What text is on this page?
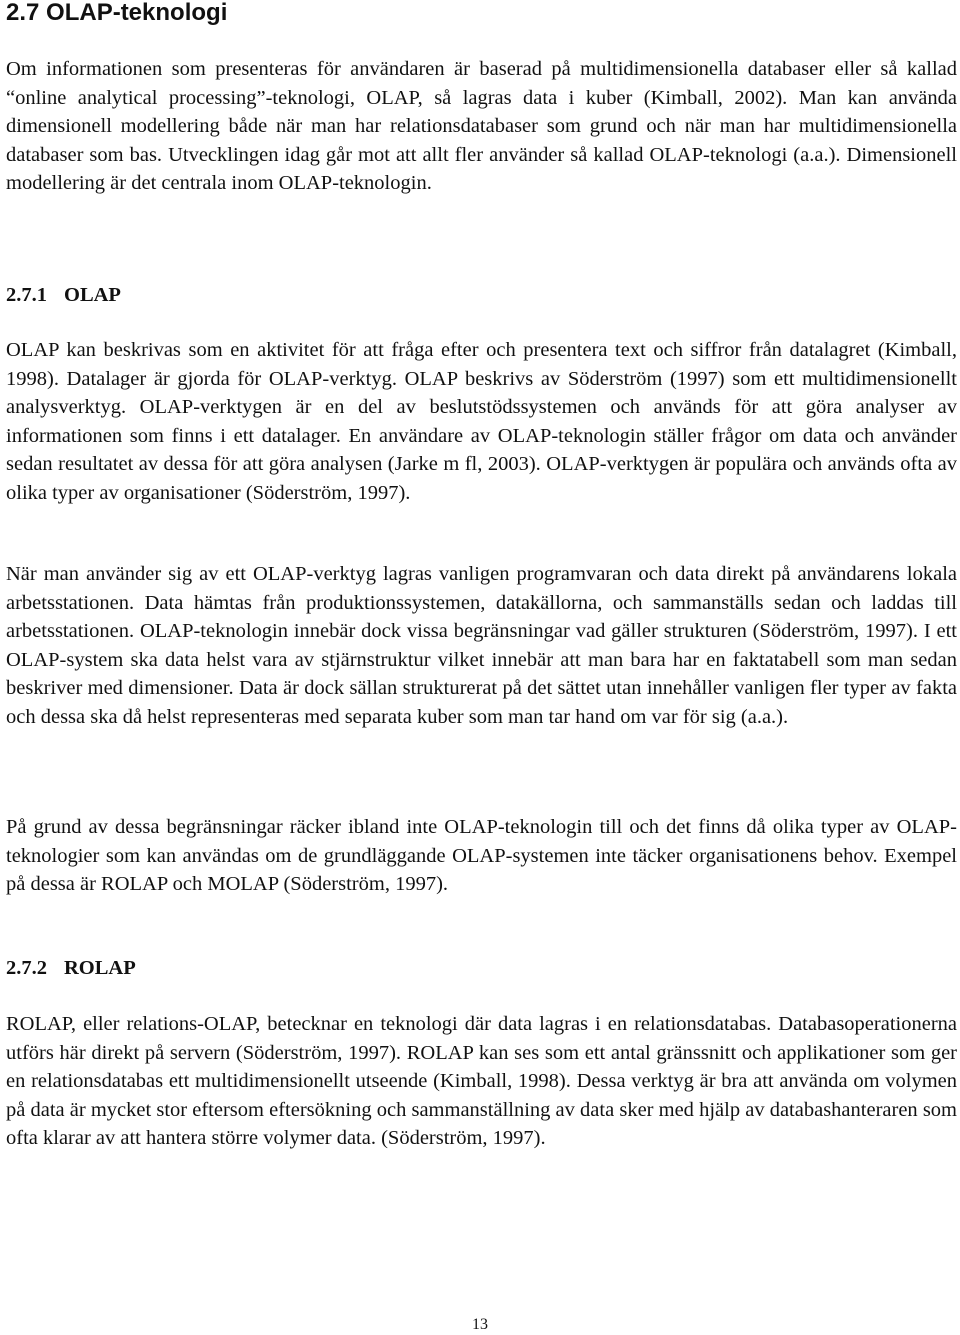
2.7 OLAP-teknologi

Om informationen som presenteras för användaren är baserad på multidimensionella databaser eller så kallad “online analytical processing”-teknologi, OLAP, så lagras data i kuber (Kimball, 2002). Man kan använda dimensionell modellering både när man har relationsdatabaser som grund och när man har multidimensionella databaser som bas. Utvecklingen idag går mot att allt fler använder så kallad OLAP-teknologi (a.a.). Dimensionell modellering är det centrala inom OLAP-teknologin.

2.7.1 OLAP

OLAP kan beskrivas som en aktivitet för att fråga efter och presentera text och siffror från datalagret (Kimball, 1998). Datalager är gjorda för OLAP-verktyg. OLAP beskrivs av Söderström (1997) som ett multidimensionellt analysverktyg. OLAP-verktygen är en del av beslutstödssystemen och används för att göra analyser av informationen som finns i ett datalager. En användare av OLAP-teknologin ställer frågor om data och använder sedan resultatet av dessa för att göra analysen (Jarke m fl, 2003). OLAP-verktygen är populära och används ofta av olika typer av organisationer (Söderström, 1997).

När man använder sig av ett OLAP-verktyg lagras vanligen programvaran och data direkt på användarens lokala arbetsstationen. Data hämtas från produktionssystemen, datakällorna, och sammanställs sedan och laddas till arbetsstationen. OLAP-teknologin innebär dock vissa begränsningar vad gäller strukturen (Söderström, 1997). I ett OLAP-system ska data helst vara av stjärnstruktur vilket innebär att man bara har en faktatabell som man sedan beskriver med dimensioner. Data är dock sällan strukturerat på det sättet utan innehåller vanligen fler typer av fakta och dessa ska då helst representeras med separata kuber som man tar hand om var för sig (a.a.).

På grund av dessa begränsningar räcker ibland inte OLAP-teknologin till och det finns då olika typer av OLAP-teknologier som kan användas om de grundläggande OLAP-systemen inte täcker organisationens behov. Exempel på dessa är ROLAP och MOLAP (Söderström, 1997).

2.7.2 ROLAP

ROLAP, eller relations-OLAP, betecknar en teknologi där data lagras i en relationsdatabas. Databasoperationerna utförs här direkt på servern (Söderström, 1997). ROLAP kan ses som ett antal gränssnitt och applikationer som ger en relationsdatabas ett multidimensionellt utseende (Kimball, 1998). Dessa verktyg är bra att använda om volymen på data är mycket stor eftersom eftersökning och sammanställning av data sker med hjälp av databashanteraren som ofta klarar av att hantera större volymer data. (Söderström, 1997).

13
